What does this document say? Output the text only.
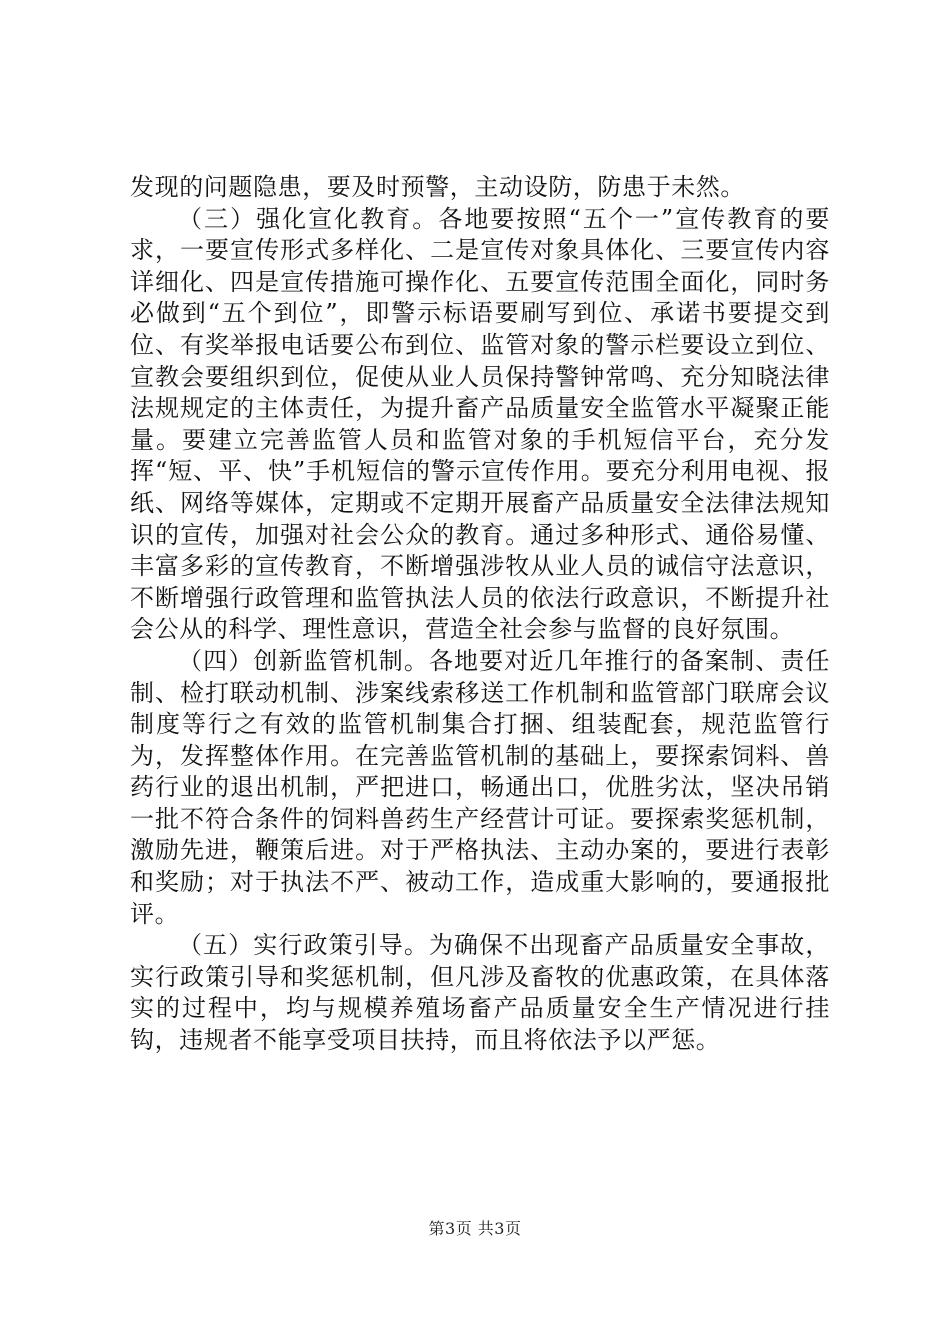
发现的问题隐患，要及时预警，主动设防，防患于未然。

（三）强化宣化教育。各地要按照“五个一”宣传教育的要求，一要宣传形式多样化、二是宣传对象具体化、三要宣传内容详细化、四是宣传措施可操作化、五要宣传范围全面化，同时务必做到“五个到位”，即警示标语要刷写到位、承诺书要提交到位、有奖举报电话要公布到位、监管对象的警示栏要设立到位、宣教会要组织到位，促使从业人员保持警钟常鸣、充分知晓法律法规规定的主体责任，为提升畜产品质量安全监管水平凝聚正能量。要建立完善监管人员和监管对象的手机短信平台，充分发挥“短、平、快”手机短信的警示宣传作用。要充分利用电视、报纸、网络等媒体，定期或不定期开展畜产品质量安全法律法规知识的宣传，加强对社会公众的教育。通过多种形式、通俗易懂、丰富多彩的宣传教育，不断增强涉牧从业人员的诚信守法意识，不断增强行政管理和监管执法人员的依法行政意识，不断提升社会公从的科学、理性意识，营造全社会参与监督的良好氛围。

（四）创新监管机制。各地要对近几年推行的备案制、责任制、检打联动机制、涉案线索移送工作机制和监管部门联席会议制度等行之有效的监管机制集合打捆、组装配套，规范监管行为，发挥整体作用。在完善监管机制的基础上，要探索饲料、兽药行业的退出机制，严把进口，畅通出口，优胜劣汰，坚决吊销一批不符合条件的饲料兽药生产经营计可证。要探索奖惩机制，激励先进，鞭策后进。对于严格执法、主动办案的，要进行表彰和奖励；对于执法不严、被动工作，造成重大影响的，要通报批评。

（五）实行政策引导。为确保不出现畜产品质量安全事故，实行政策引导和奖惩机制，但凡涉及畜牧的优惠政策，在具体落实的过程中，均与规模养殖场畜产品质量安全生产情况进行挂钩，违规者不能享受项目扶持，而且将依法予以严惩。

第3页 共3页
